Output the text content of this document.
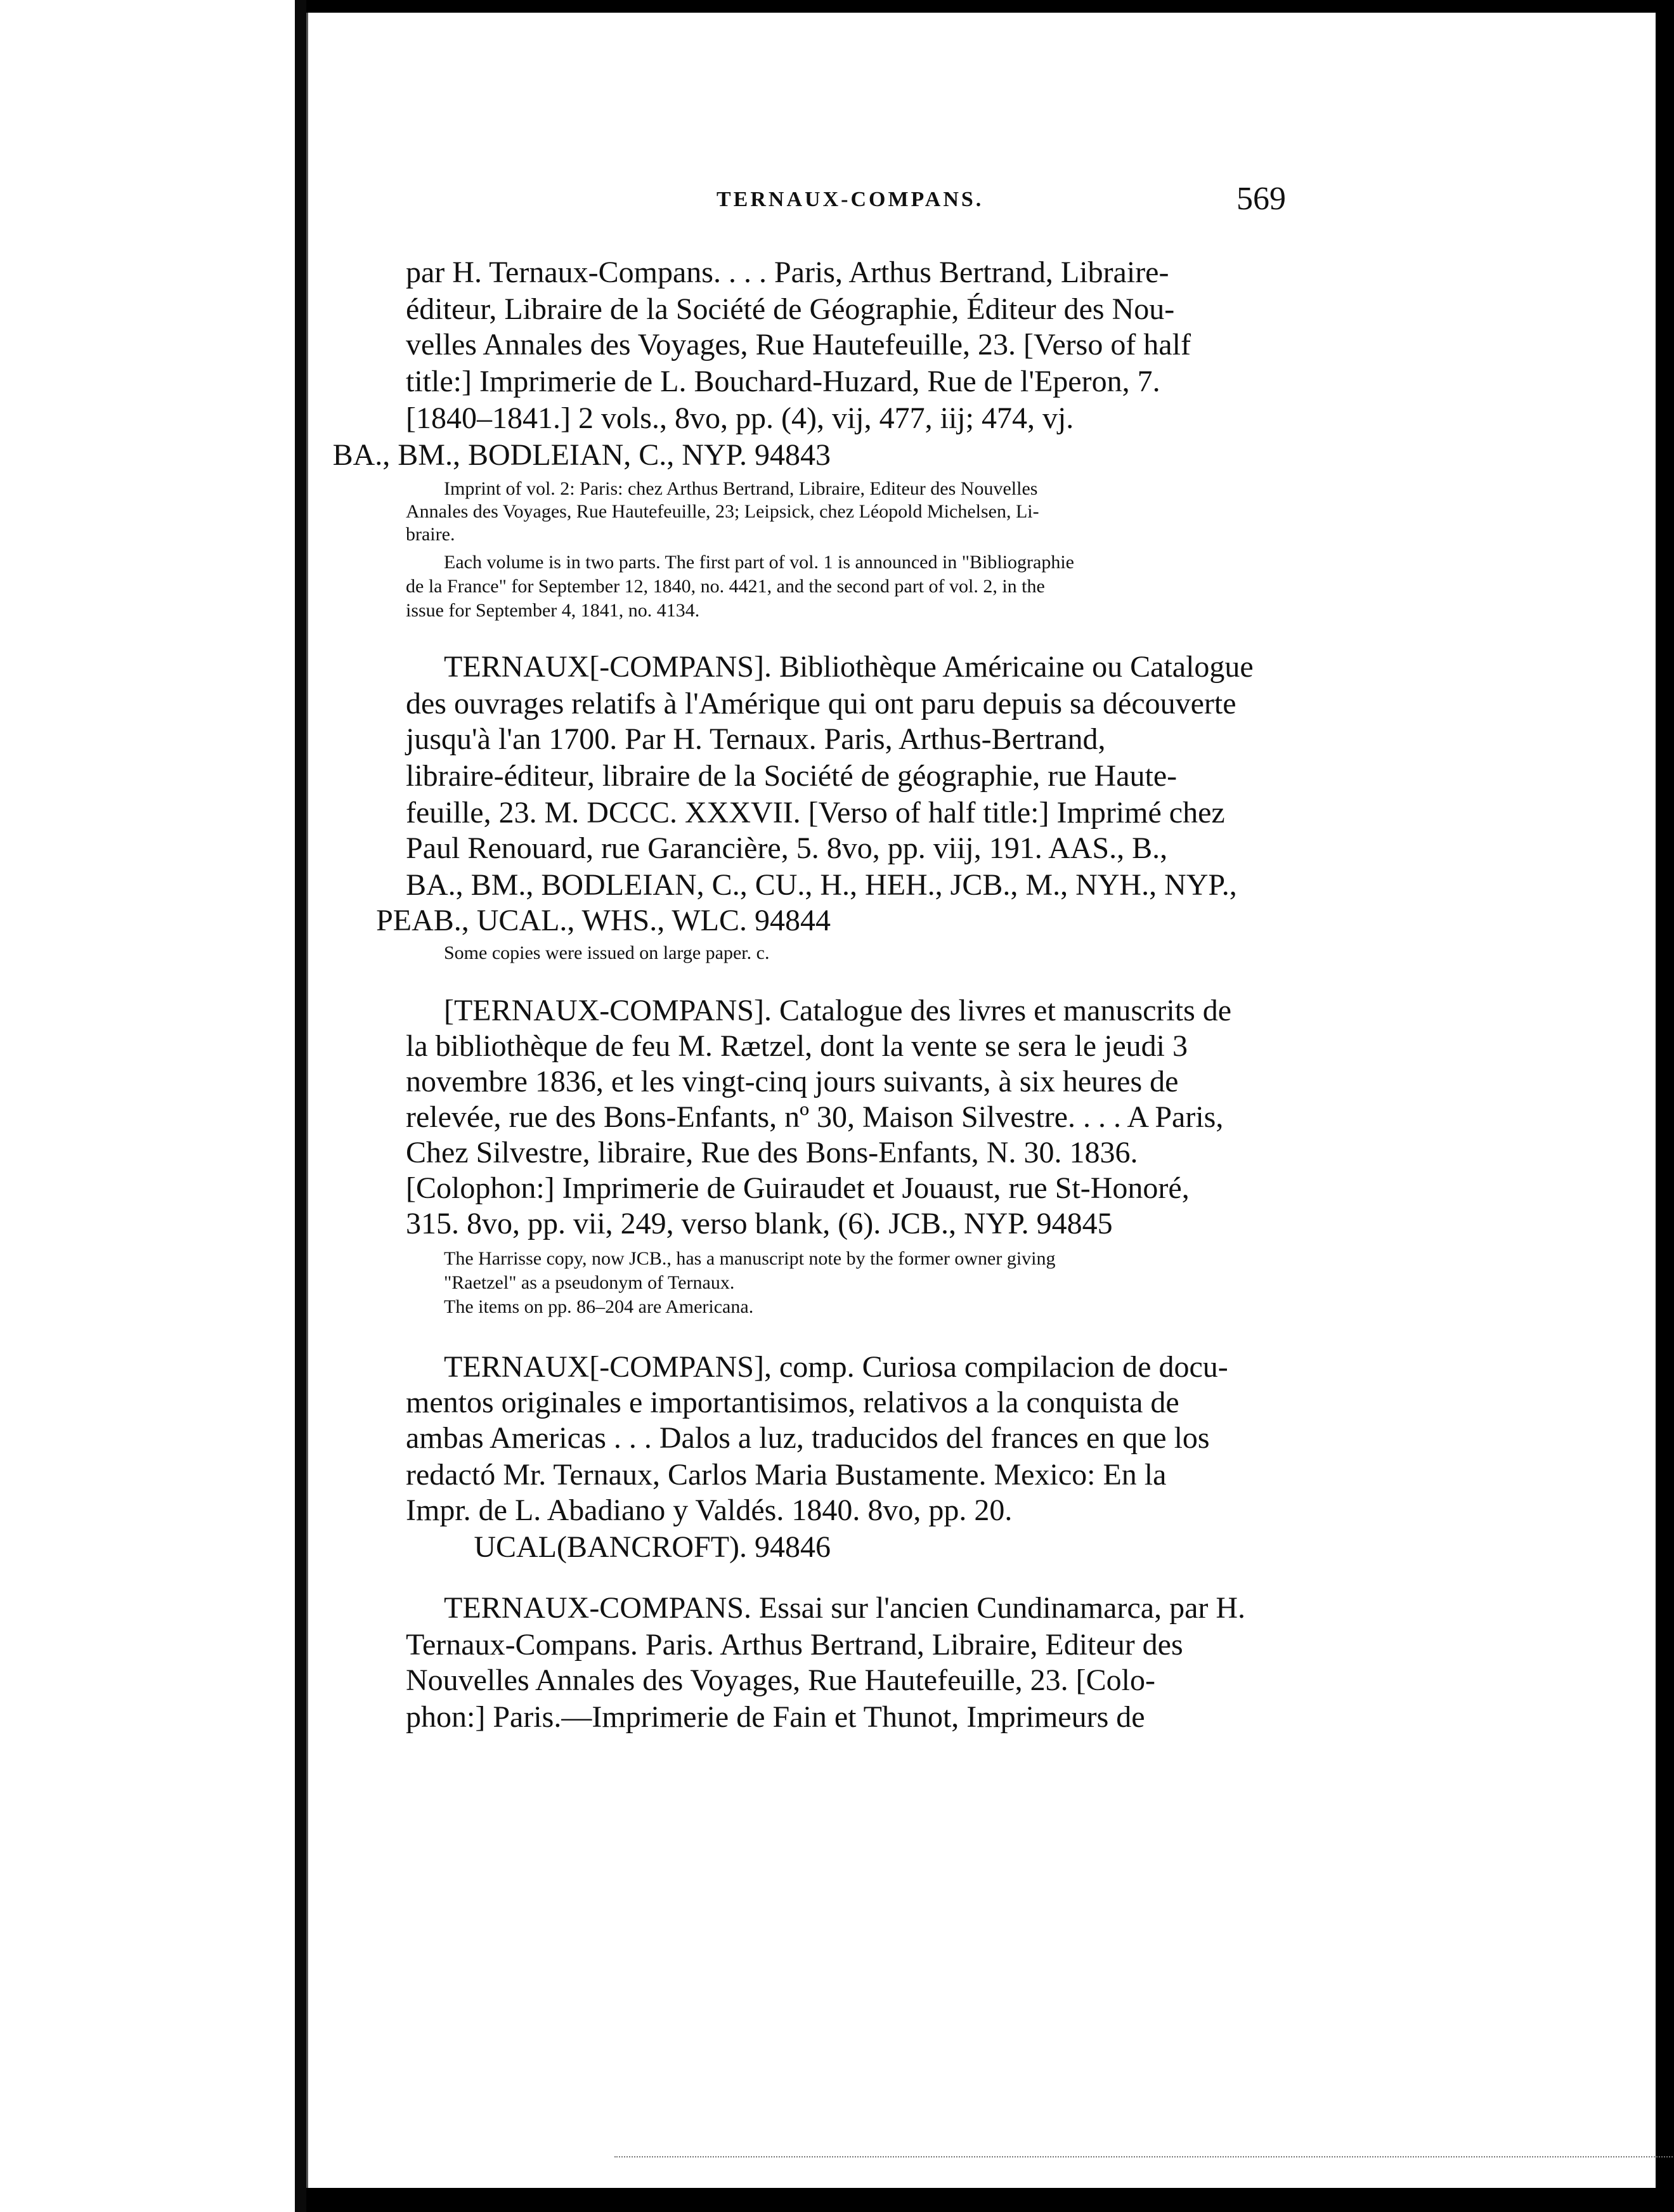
TERNAUX-COMPANS.	569

par H. Ternaux-Compans. . . . Paris, Arthus Bertrand, Libraire-

éditeur, Libraire de la Société de Géographie, Éditeur des Nou-

velles Annales des Voyages, Rue Hautefeuille, 23. [Verso of half

title:] Imprimerie de L. Bouchard-Huzard, Rue de l'Eperon, 7.

[1840–1841.] 2 vols., 8vo, pp. (4), vij, 477, iij; 474, vj.

BA., BM., BODLEIAN, C., NYP. 94843

Imprint of vol. 2: Paris: chez Arthus Bertrand, Libraire, Editeur des Nouvelles

Annales des Voyages, Rue Hautefeuille, 23; Leipsick, chez Léopold Michelsen, Li-

braire.

Each volume is in two parts. The first part of vol. 1 is announced in "Bibliographie

de la France" for September 12, 1840, no. 4421, and the second part of vol. 2, in the

issue for September 4, 1841, no. 4134.

TERNAUX[-COMPANS]. Bibliothèque Américaine ou Catalogue

des ouvrages relatifs à l'Amérique qui ont paru depuis sa découverte

jusqu'à l'an 1700. Par H. Ternaux. Paris, Arthus-Bertrand,

libraire-éditeur, libraire de la Société de géographie, rue Haute-

feuille, 23. M. DCCC. XXXVII. [Verso of half title:] Imprimé chez

Paul Renouard, rue Garancière, 5. 8vo, pp. viij, 191. AAS., B.,

BA., BM., BODLEIAN, C., CU., H., HEH., JCB., M., NYH., NYP.,

PEAB., UCAL., WHS., WLC. 94844

Some copies were issued on large paper. c.

[TERNAUX-COMPANS]. Catalogue des livres et manuscrits de

la bibliothèque de feu M. Rætzel, dont la vente se sera le jeudi 3

novembre 1836, et les vingt-cinq jours suivants, à six heures de

relevée, rue des Bons-Enfants, nº 30, Maison Silvestre. . . . A Paris,

Chez Silvestre, libraire, Rue des Bons-Enfants, N. 30. 1836.

[Colophon:] Imprimerie de Guiraudet et Jouaust, rue St-Honoré,

315. 8vo, pp. vii, 249, verso blank, (6). JCB., NYP. 94845

The Harrisse copy, now JCB., has a manuscript note by the former owner giving

"Raetzel" as a pseudonym of Ternaux.

The items on pp. 86–204 are Americana.

TERNAUX[-COMPANS], comp. Curiosa compilacion de docu-

mentos originales e importantisimos, relativos a la conquista de

ambas Americas . . . Dalos a luz, traducidos del frances en que los

redactó Mr. Ternaux, Carlos Maria Bustamente. Mexico: En la

Impr. de L. Abadiano y Valdés. 1840. 8vo, pp. 20.

UCAL(BANCROFT). 94846

TERNAUX-COMPANS. Essai sur l'ancien Cundinamarca, par H.

Ternaux-Compans. Paris. Arthus Bertrand, Libraire, Editeur des

Nouvelles Annales des Voyages, Rue Hautefeuille, 23. [Colo-

phon:] Paris.—Imprimerie de Fain et Thunot, Imprimeurs de
